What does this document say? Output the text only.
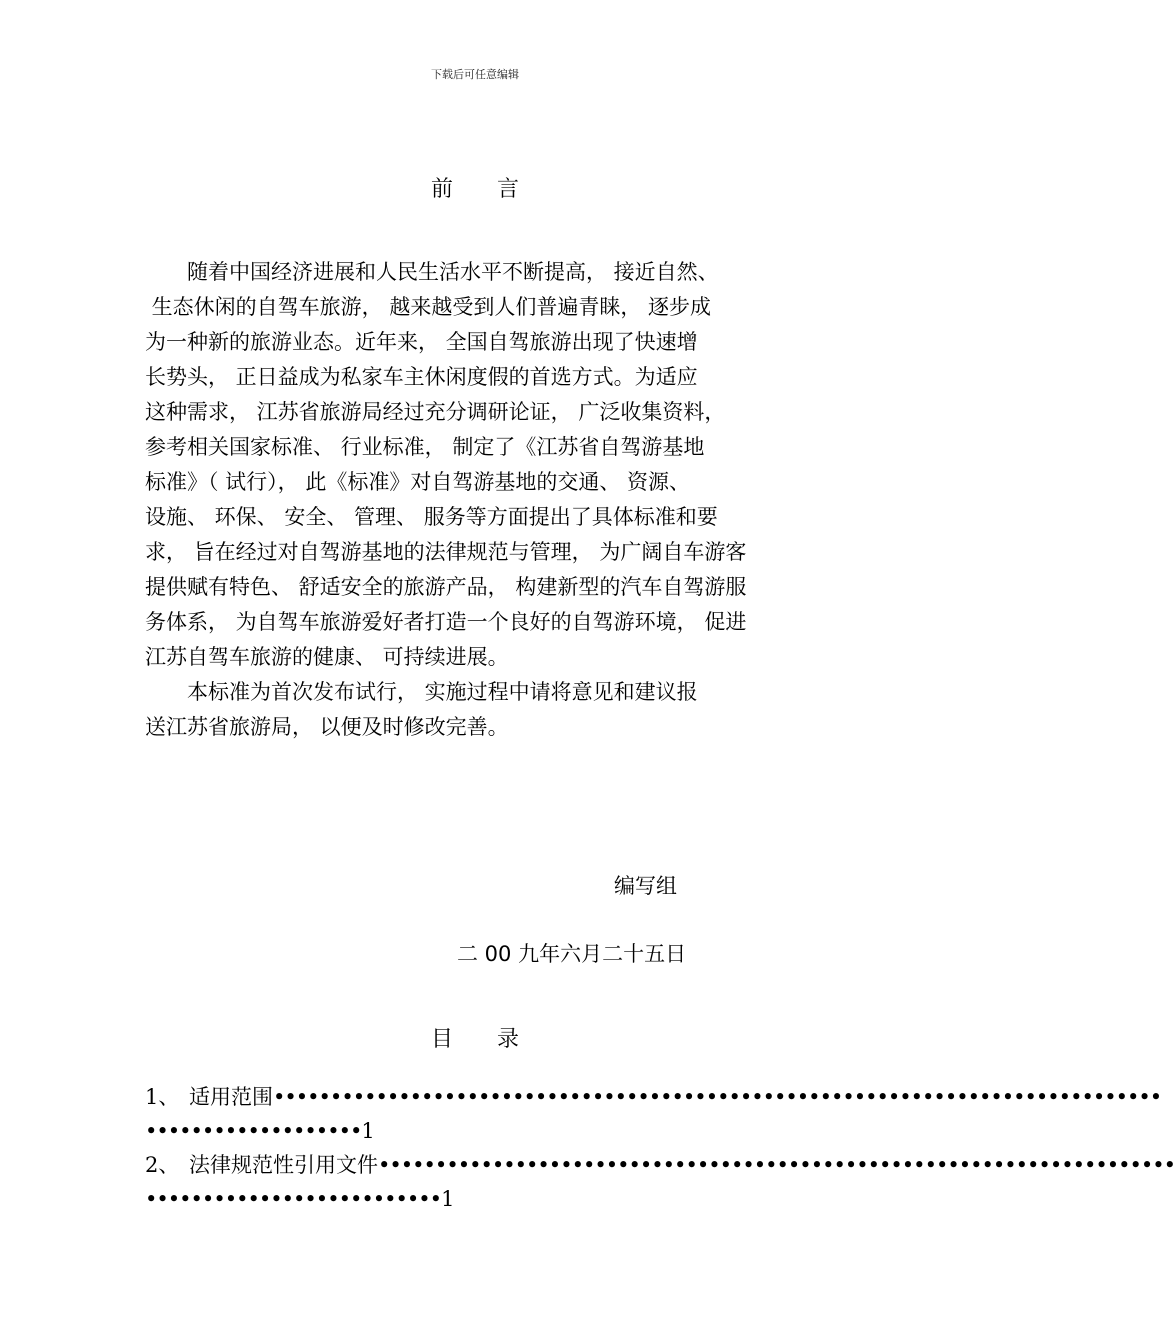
下载后可任意编辑
前 言

　　随着中国经济进展和人民生活水平不断提高， 接近自然、

生态休闲的自驾车旅游， 越来越受到人们普遍青睐， 逐步成

为一种新的旅游业态。近年来， 全国自驾旅游出现了快速增

长势头， 正日益成为私家车主休闲度假的首选方式。为适应

这种需求， 江苏省旅游局经过充分调研论证， 广泛收集资料，

参考相关国家标准、 行业标准， 制定了《江苏省自驾游基地

标准》（ 试行）， 此《标准》对自驾游基地的交通、 资源、

设施、 环保、 安全、 管理、 服务等方面提出了具体标准和要

求， 旨在经过对自驾游基地的法律规范与管理， 为广阔自车游客

提供赋有特色、 舒适安全的旅游产品， 构建新型的汽车自驾游服

务体系， 为自驾车旅游爱好者打造一个良好的自驾游环境， 促进

江苏自驾车旅游的健康、 可持续进展。

　　本标准为首次发布试行， 实施过程中请将意见和建议报

送江苏省旅游局， 以便及时修改完善。

编写组
二 00 九年六月二十五日
目 录
1、 适用范围••••••••••••••••••••••••••••••••••••••••••••••••••••••••••••••••••••••••••••••
•••••••••••••••••••1
2、 法律规范性引用文件••••••••••••••••••••••••••••••••••••••••••••••••••••••••••••••••••••••
••••••••••••••••••••••••••1
